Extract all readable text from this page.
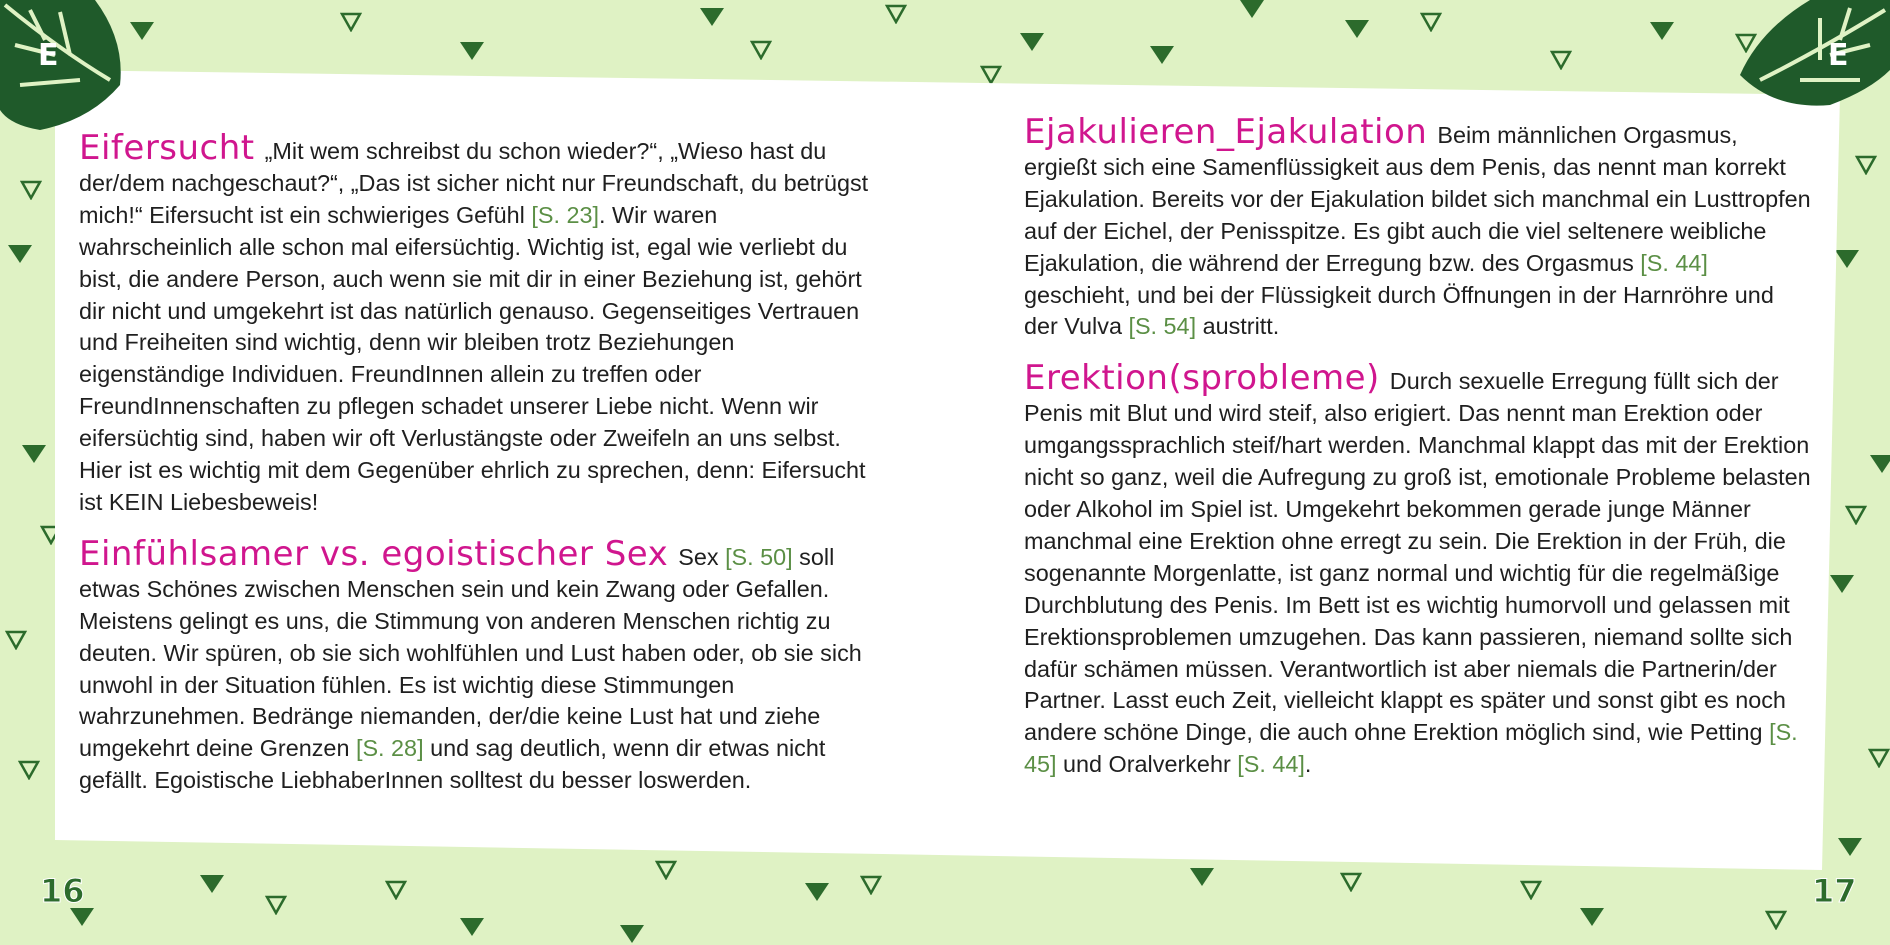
E	E

Eifersucht „Mit wem schreibst du schon wieder?“, „Wieso hast du der/dem nachgeschaut?“, „Das ist sicher nicht nur Freundschaft, du betrügst mich!“ Eifersucht ist ein schwieriges Gefühl [S. 23]. Wir waren wahrscheinlich alle schon mal eifersüchtig. Wichtig ist, egal wie verliebt du bist, die andere Person, auch wenn sie mit dir in einer Beziehung ist, gehört dir nicht und umgekehrt ist das natürlich genauso. Gegenseitiges Vertrauen und Freiheiten sind wichtig, denn wir bleiben trotz Beziehungen eigenständige Individuen. FreundInnen allein zu treffen oder FreundInnenschaften zu pflegen schadet unserer Liebe nicht. Wenn wir eifersüchtig sind, haben wir oft Verlustängste oder Zweifeln an uns selbst. Hier ist es wichtig mit dem Gegenüber ehrlich zu sprechen, denn: Eifersucht ist KEIN Liebesbeweis!

Einfühlsamer vs. egoistischer Sex Sex [S. 50] soll etwas Schönes zwischen Menschen sein und kein Zwang oder Gefallen. Meistens gelingt es uns, die Stimmung von anderen Menschen richtig zu deuten. Wir spüren, ob sie sich wohlfühlen und Lust haben oder, ob sie sich unwohl in der Situation fühlen. Es ist wichtig diese Stimmungen wahrzunehmen. Bedränge niemanden, der/die keine Lust hat und ziehe umgekehrt deine Grenzen [S. 28] und sag deutlich, wenn dir etwas nicht gefällt. Egoistische LiebhaberInnen solltest du besser loswerden.

Ejakulieren_Ejakulation Beim männlichen Orgasmus, ergießt sich eine Samenflüssigkeit aus dem Penis, das nennt man korrekt Ejakulation. Bereits vor der Ejakulation bildet sich manchmal ein Lusttropfen auf der Eichel, der Penisspitze. Es gibt auch die viel seltenere weibliche Ejakulation, die während der Erregung bzw. des Orgasmus [S. 44] geschieht, und bei der Flüssigkeit durch Öffnungen in der Harnröhre und der Vulva [S. 54] austritt.

Erektion(sprobleme) Durch sexuelle Erregung füllt sich der Penis mit Blut und wird steif, also erigiert. Das nennt man Erektion oder umgangssprachlich steif/hart werden. Manchmal klappt das mit der Erektion nicht so ganz, weil die Aufregung zu groß ist, emotionale Probleme belasten oder Alkohol im Spiel ist. Umgekehrt bekommen gerade junge Männer manchmal eine Erektion ohne erregt zu sein. Die Erektion in der Früh, die sogenannte Morgenlatte, ist ganz normal und wichtig für die regelmäßige Durchblutung des Penis. Im Bett ist es wichtig humorvoll und gelassen mit Erektionsproblemen umzugehen. Das kann passieren, niemand sollte sich dafür schämen müssen. Verantwortlich ist aber niemals die Partnerin/der Partner. Lasst euch Zeit, vielleicht klappt es später und sonst gibt es noch andere schöne Dinge, die auch ohne Erektion möglich sind, wie Petting [S. 45] und Oralverkehr [S. 44].

16	17
